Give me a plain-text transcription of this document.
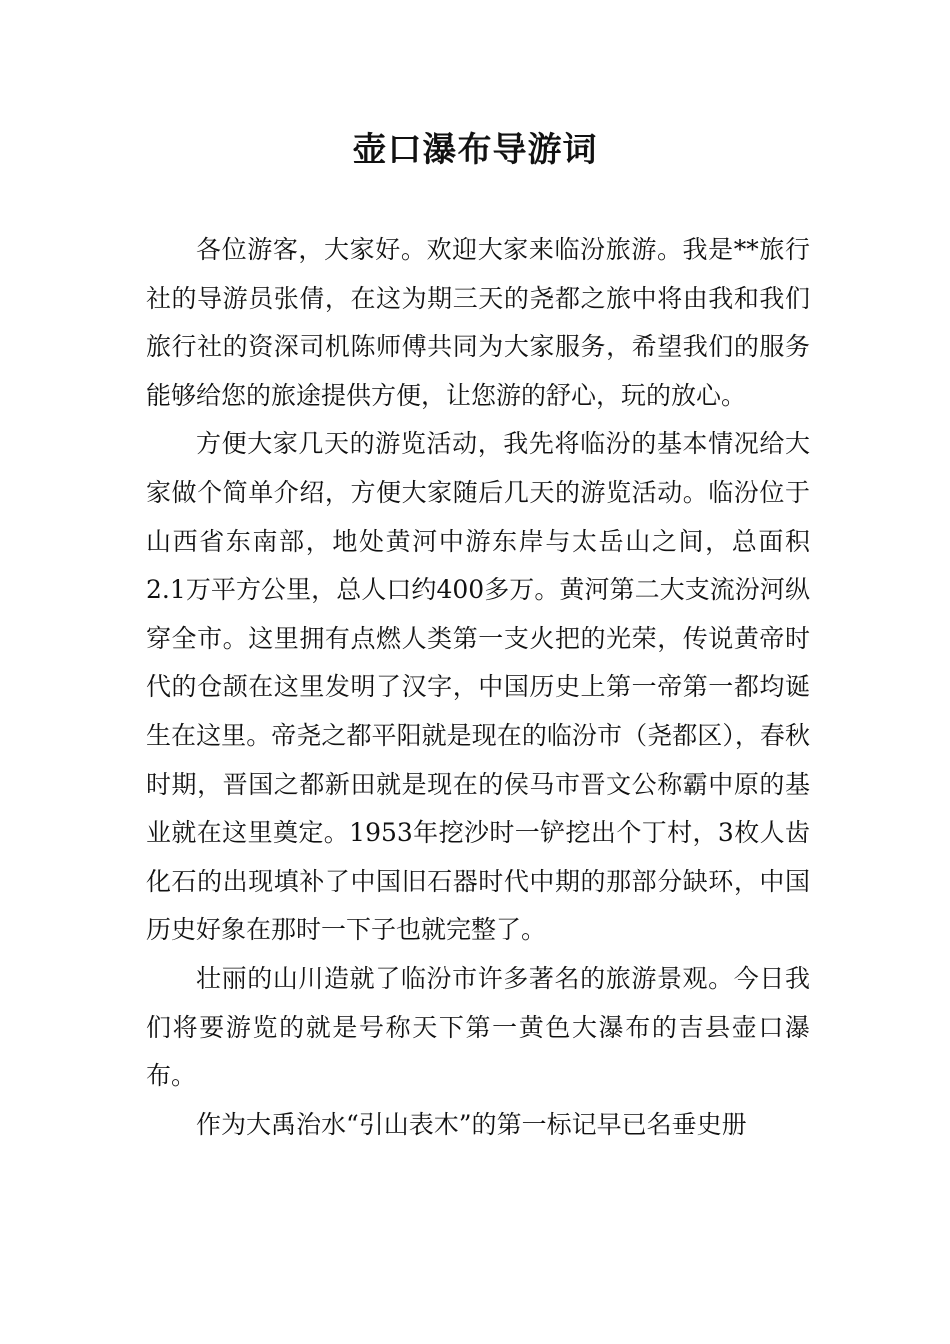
壶口瀑布导游词

各位游客，大家好。欢迎大家来临汾旅游。我是**旅行社的导游员张倩，在这为期三天的尧都之旅中将由我和我们旅行社的资深司机陈师傅共同为大家服务，希望我们的服务能够给您的旅途提供方便，让您游的舒心，玩的放心。

方便大家几天的游览活动，我先将临汾的基本情况给大家做个简单介绍，方便大家随后几天的游览活动。临汾位于山西省东南部，地处黄河中游东岸与太岳山之间，总面积2.1万平方公里，总人口约400多万。黄河第二大支流汾河纵穿全市。这里拥有点燃人类第一支火把的光荣，传说黄帝时代的仓颉在这里发明了汉字，中国历史上第一帝第一都均诞生在这里。帝尧之都平阳就是现在的临汾市（尧都区），春秋时期，晋国之都新田就是现在的侯马市晋文公称霸中原的基业就在这里奠定。1953年挖沙时一铲挖出个丁村，3枚人齿化石的出现填补了中国旧石器时代中期的那部分缺环，中国历史好象在那时一下子也就完整了。

壮丽的山川造就了临汾市许多著名的旅游景观。今日我们将要游览的就是号称天下第一黄色大瀑布的吉县壶口瀑布。

作为大禹治水“引山表木”的第一标记早已名垂史册
